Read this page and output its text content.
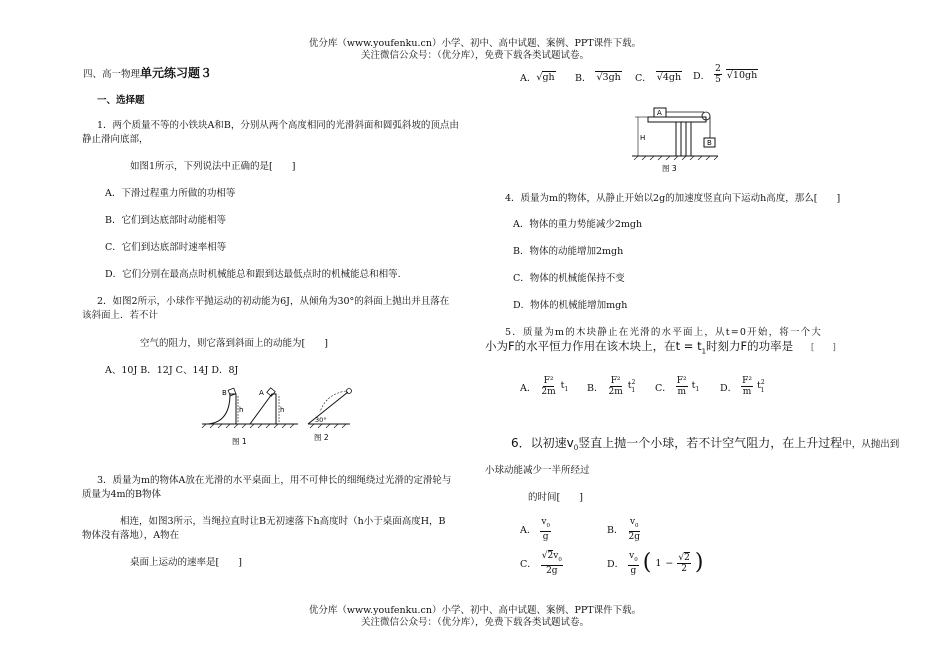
优分库（www.youfenku.cn）小学、初中、高中试题、案例、PPT课件下载。
关注微信公众号：（优分库），免费下载各类试题试卷。
四、高一物理单元练习题３
一、选择题
1．两个质量不等的小铁块A和B，分别从两个高度相同的光滑斜面和圆弧斜坡的顶点由
静止滑向底部，
如图1所示，下列说法中正确的是[　　]
A．下滑过程重力所做的功相等
B．它们到达底部时动能相等
C．它们到达底部时速率相等
D．它们分别在最高点时机械能总和跟到达最低点时的机械能总和相等.
2．如图2所示，小球作平抛运动的初动能为6J，从倾角为30°的斜面上抛出并且落在
该斜面上．若不计
空气的阻力，则它落到斜面上的动能为[　　]
A、10J B．12J C、14J D．8J
B	A
h	h
图 1
30°
图 2
3．质量为m的物体A放在光滑的水平桌面上，用不可伸长的细绳绕过光滑的定滑轮与
质量为4m的B物体
相连，如图3所示，当绳拉直时让B无初速落下h高度时（h小于桌面高度H，B
物体没有落地），A物在
桌面上运动的速率是[　　]
A． √gh B． √3gh C． √4gh D． $\frac{2}{5} √10gh$
A
B
H
图 3
4．质量为m的物体，从静止开始以2g的加速度竖直向下运动h高度，那么[　　]
A．物体的重力势能减少2mgh
B．物体的动能增加2mgh
C．物体的机械能保持不变
D．物体的机械能增加mgh
5．质量为m的木块静止在光滑的水平面上，从t=0开始，将一个大
小为F的水平恒力作用在该木块上，在$t = t_1$时刻力F的功率是 [　　]
A． $\frac{\text{F²}}{2m} t_1$ B． $\frac{\text{F²}}{2m} t^2_1$ C． $\frac{\text{F²}}{m} t_1$ D． $\frac{\text{F²}}{m} t^2_1$
6．以初速$v_0$竖直上抛一个小球，若不计空气阻力，在上升过程中，从抛出到
小球动能减少一半所经过
的时间[　　]
A． $\frac{v_0}{g}$	B． $\frac{v_0}{2g}$
C． $\frac{√2v_0}{2g}$	D． $\frac{v_0}{g}$ ( $1 - \frac{√2}{2}$ )
优分库（www.youfenku.cn）小学、初中、高中试题、案例、PPT课件下载。
关注微信公众号：（优分库），免费下载各类试题试卷。
